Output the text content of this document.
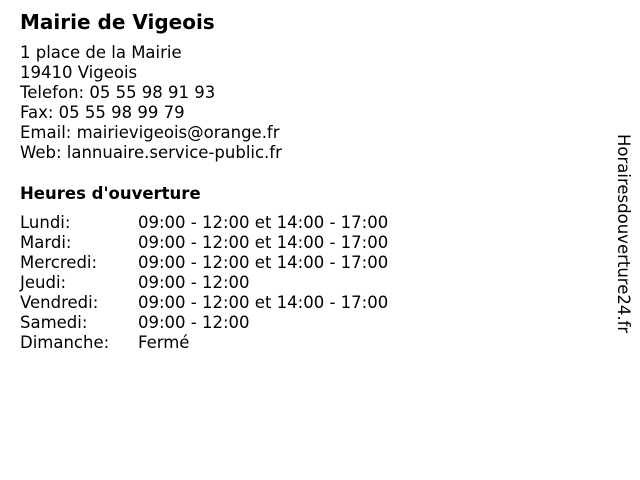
Mairie de Vigeois
1 place de la Mairie
19410 Vigeois
Telefon: 05 55 98 91 93
Fax: 05 55 98 99 79
Email: mairievigeois@orange.fr
Web: lannuaire.service-public.fr
Heures d'ouverture
Lundi:	09:00 - 12:00 et 14:00 - 17:00
Mardi:	09:00 - 12:00 et 14:00 - 17:00
Mercredi: 09:00 - 12:00 et 14:00 - 17:00
Jeudi:	09:00 - 12:00
Vendredi: 09:00 - 12:00 et 14:00 - 17:00
Samedi:	09:00 - 12:00
Dimanche: Fermé
Horairesdouverture24.fr
